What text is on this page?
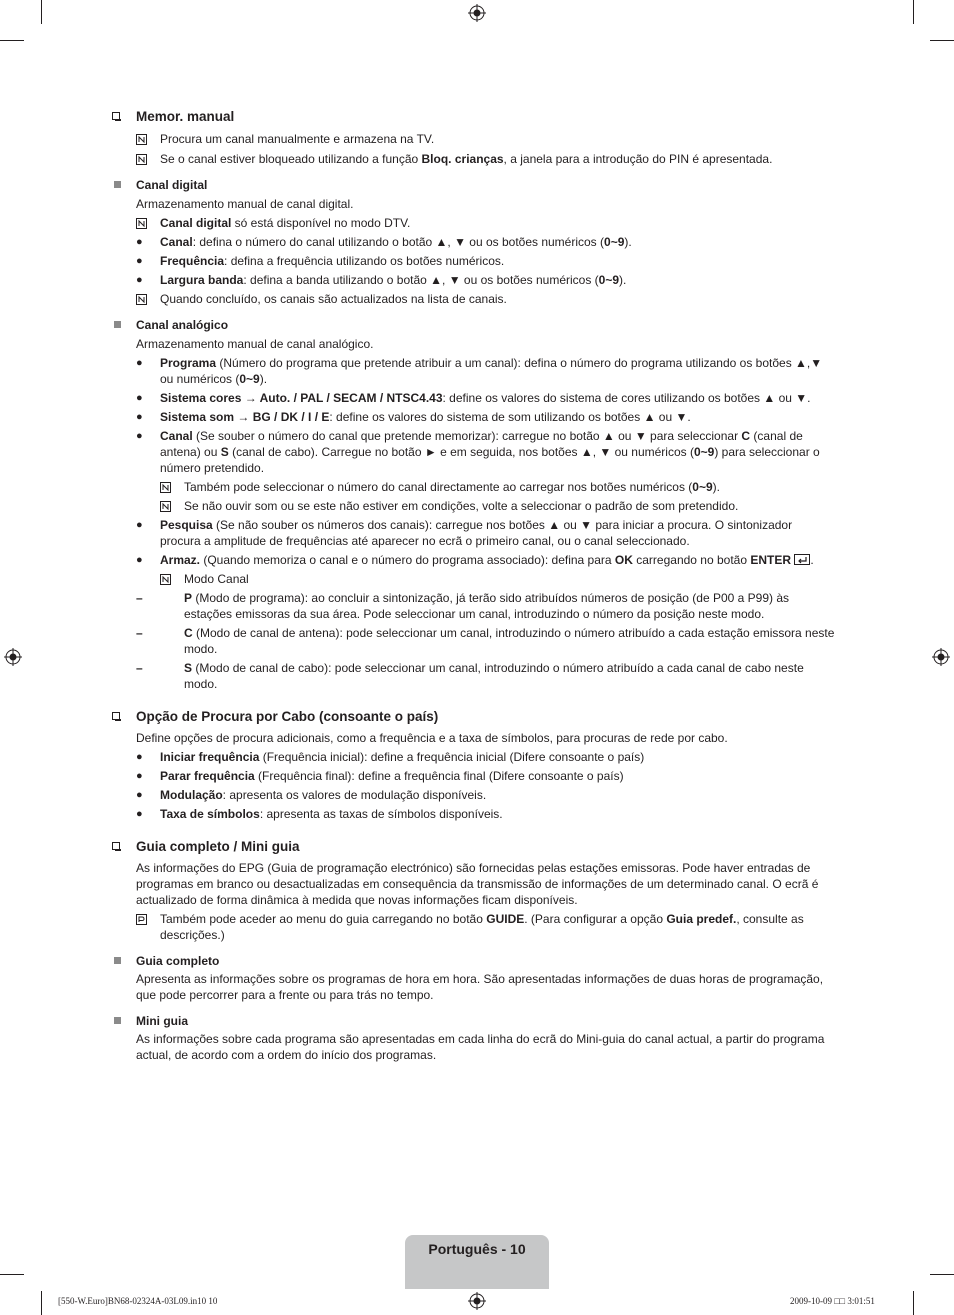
Memor. manual
Procura um canal manualmente e armazena na TV.
Se o canal estiver bloqueado utilizando a função Bloq. crianças, a janela para a introdução do PIN é apresentada.
Canal digital
Armazenamento manual de canal digital.
Canal digital só está disponível no modo DTV.
●	Canal: defina o número do canal utilizando o botão ▲, ▼ ou os botões numéricos (0~9).
●	Frequência: defina a frequência utilizando os botões numéricos.
●	Largura banda: defina a banda utilizando o botão ▲, ▼ ou os botões numéricos (0~9).
Quando concluído, os canais são actualizados na lista de canais.
Canal analógico
Armazenamento manual de canal analógico.
●	Programa (Número do programa que pretende atribuir a um canal): defina o número do programa utilizando os botões ▲,▼ ou numéricos (0~9).
●	Sistema cores → Auto. / PAL / SECAM / NTSC4.43: define os valores do sistema de cores utilizando os botões ▲ ou ▼.
●	Sistema som → BG / DK / I / E: define os valores do sistema de som utilizando os botões ▲ ou ▼.
●	Canal (Se souber o número do canal que pretende memorizar): carregue no botão ▲ ou ▼ para seleccionar C (canal de antena) ou S (canal de cabo). Carregue no botão ► e em seguida, nos botões ▲, ▼ ou numéricos (0~9) para seleccionar o número pretendido.
Também pode seleccionar o número do canal directamente ao carregar nos botões numéricos (0~9).
Se não ouvir som ou se este não estiver em condições, volte a seleccionar o padrão de som pretendido.
●	Pesquisa (Se não souber os números dos canais): carregue nos botões ▲ ou ▼ para iniciar a procura. O sintonizador procura a amplitude de frequências até aparecer no ecrã o primeiro canal, ou o canal seleccionado.
●	Armaz. (Quando memoriza o canal e o número do programa associado): defina para OK carregando no botão ENTER .
Modo Canal
–	P (Modo de programa): ao concluir a sintonização, já terão sido atribuídos números de posição (de P00 a P99) às estações emissoras da sua área. Pode seleccionar um canal, introduzindo o número da posição neste modo.
–	C (Modo de canal de antena): pode seleccionar um canal, introduzindo o número atribuído a cada estação emissora neste modo.
–	S (Modo de canal de cabo): pode seleccionar um canal, introduzindo o número atribuído a cada canal de cabo neste modo.
Opção de Procura por Cabo (consoante o país)
Define opções de procura adicionais, como a frequência e a taxa de símbolos, para procuras de rede por cabo.
●	Iniciar frequência (Frequência inicial): define a frequência inicial (Difere consoante o país)
●	Parar frequência (Frequência final): define a frequência final (Difere consoante o país)
●	Modulação: apresenta os valores de modulação disponíveis.
●	Taxa de símbolos: apresenta as taxas de símbolos disponíveis.
Guia completo / Mini guia
As informações do EPG (Guia de programação electrónico) são fornecidas pelas estações emissoras. Pode haver entradas de programas em branco ou desactualizadas em consequência da transmissão de informações de um determinado canal. O ecrã é actualizado de forma dinâmica à medida que novas informações ficam disponíveis.
Também pode aceder ao menu do guia carregando no botão GUIDE. (Para configurar a opção Guia predef., consulte as descrições.)
Guia completo
Apresenta as informações sobre os programas de hora em hora. São apresentadas informações de duas horas de programação, que pode percorrer para a frente ou para trás no tempo.
Mini guia
As informações sobre cada programa são apresentadas em cada linha do ecrã do Mini-guia do canal actual, a partir do programa actual, de acordo com a ordem do início dos programas.
Português - 10
[550-W.Euro]BN68-02324A-03L09.in10 10	2009-10-09 □□ 3:01:51
